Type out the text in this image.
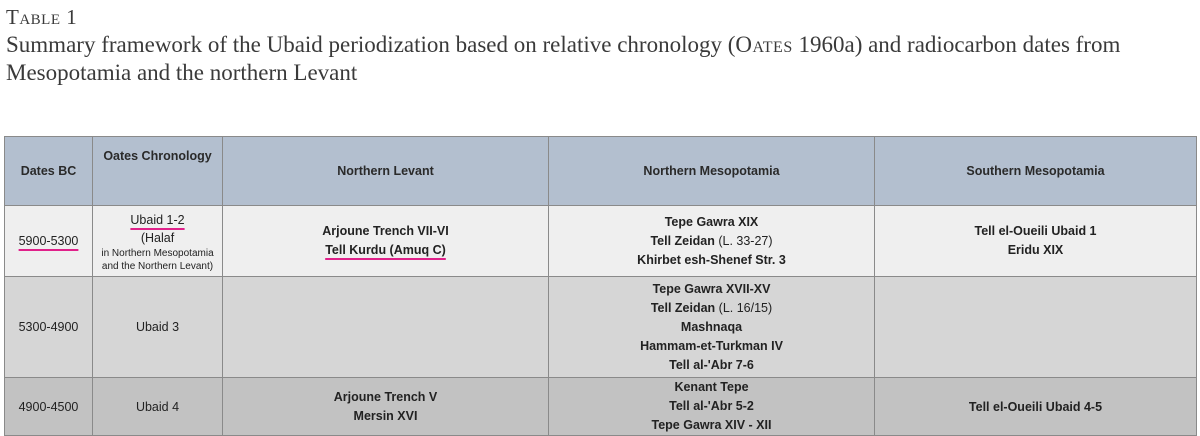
Table 1
Summary framework of the Ubaid periodization based on relative chronology (Oates 1960a) and radiocarbon dates from Mesopotamia and the northern Levant
Dates BC	Oates Chronology	Northern Levant	Northern Mesopotamia	Southern Mesopotamia
5900-5300	Ubaid 1-2
(Halaf
in Northern Mesopotamia
and the Northern Levant)	Arjoune Trench VII-VI
Tell Kurdu (Amuq C)	Tepe Gawra XIX
Tell Zeidan (L. 33-27)
Khirbet esh-Shenef Str. 3	Tell el-Oueili Ubaid 1
Eridu XIX

5300-4900	Ubaid 3		Tepe Gawra XVII-XV
Tell Zeidan (L. 16/15)
Mashnaqa
Hammam-et-Turkman IV
Tell al-'Abr 7-6	

4900-4500	Ubaid 4	Arjoune Trench V
Mersin XVI	Kenant Tepe
Tell al-'Abr 5-2
Tepe Gawra XIV - XII	Tell el-Oueili Ubaid 4-5
